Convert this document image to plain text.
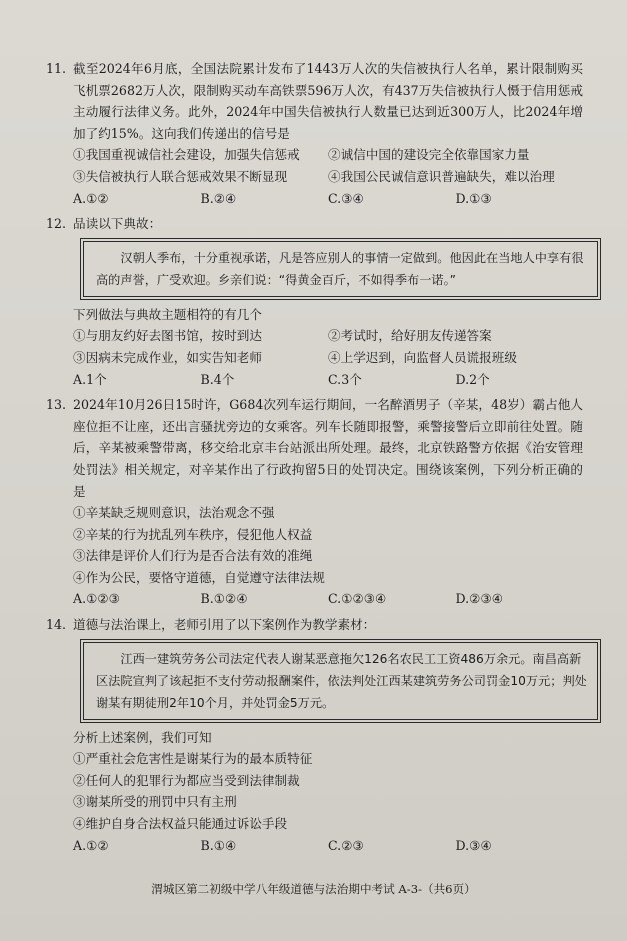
11. 截至2024年6月底，全国法院累计发布了1443万人次的失信被执行人名单，累计限制购买飞机票2682万人次，限制购买动车高铁票596万人次，有437万失信被执行人慑于信用惩戒主动履行法律义务。此外，2024年中国失信被执行人数量已达到近300万人，比2024年增加了约15%。这向我们传递出的信号是
①我国重视诚信社会建设，加强失信惩戒	②诚信中国的建设完全依靠国家力量
③失信被执行人联合惩戒效果不断显现	④我国公民诚信意识普遍缺失，难以治理
A.①②	B.②④	C.③④	D.①③
12. 品读以下典故：
汉朝人季布，十分重视承诺，凡是答应别人的事情一定做到。他因此在当地人中享有很高的声誉，广受欢迎。乡亲们说：“得黄金百斤，不如得季布一诺。”
下列做法与典故主题相符的有几个
①与朋友约好去图书馆，按时到达	②考试时，给好朋友传递答案
③因病未完成作业，如实告知老师	④上学迟到，向监督人员谎报班级
A.1个	B.4个	C.3个	D.2个
13. 2024年10月26日15时许，G684次列车运行期间，一名醉酒男子（辛某，48岁）霸占他人座位拒不让座，还出言骚扰旁边的女乘客。列车长随即报警，乘警接警后立即前往处置。随后，辛某被乘警带离，移交给北京丰台站派出所处理。最终，北京铁路警方依据《治安管理处罚法》相关规定，对辛某作出了行政拘留5日的处罚决定。围绕该案例，下列分析正确的是
①辛某缺乏规则意识，法治观念不强
②辛某的行为扰乱列车秩序，侵犯他人权益
③法律是评价人们行为是否合法有效的准绳
④作为公民，要恪守道德，自觉遵守法律法规
A.①②③	B.①②④	C.①②③④	D.②③④
14. 道德与法治课上，老师引用了以下案例作为教学素材：
江西一建筑劳务公司法定代表人谢某恶意拖欠126名农民工工资486万余元。南昌高新区法院宣判了该起拒不支付劳动报酬案件，依法判处江西某建筑劳务公司罚金10万元；判处谢某有期徒刑2年10个月，并处罚金5万元。
分析上述案例，我们可知
①严重社会危害性是谢某行为的最本质特征
②任何人的犯罪行为都应当受到法律制裁
③谢某所受的刑罚中只有主刑
④维护自身合法权益只能通过诉讼手段
A.①②	B.①④	C.②③	D.③④
渭城区第二初级中学八年级道德与法治期中考试 A-3-（共6页）
